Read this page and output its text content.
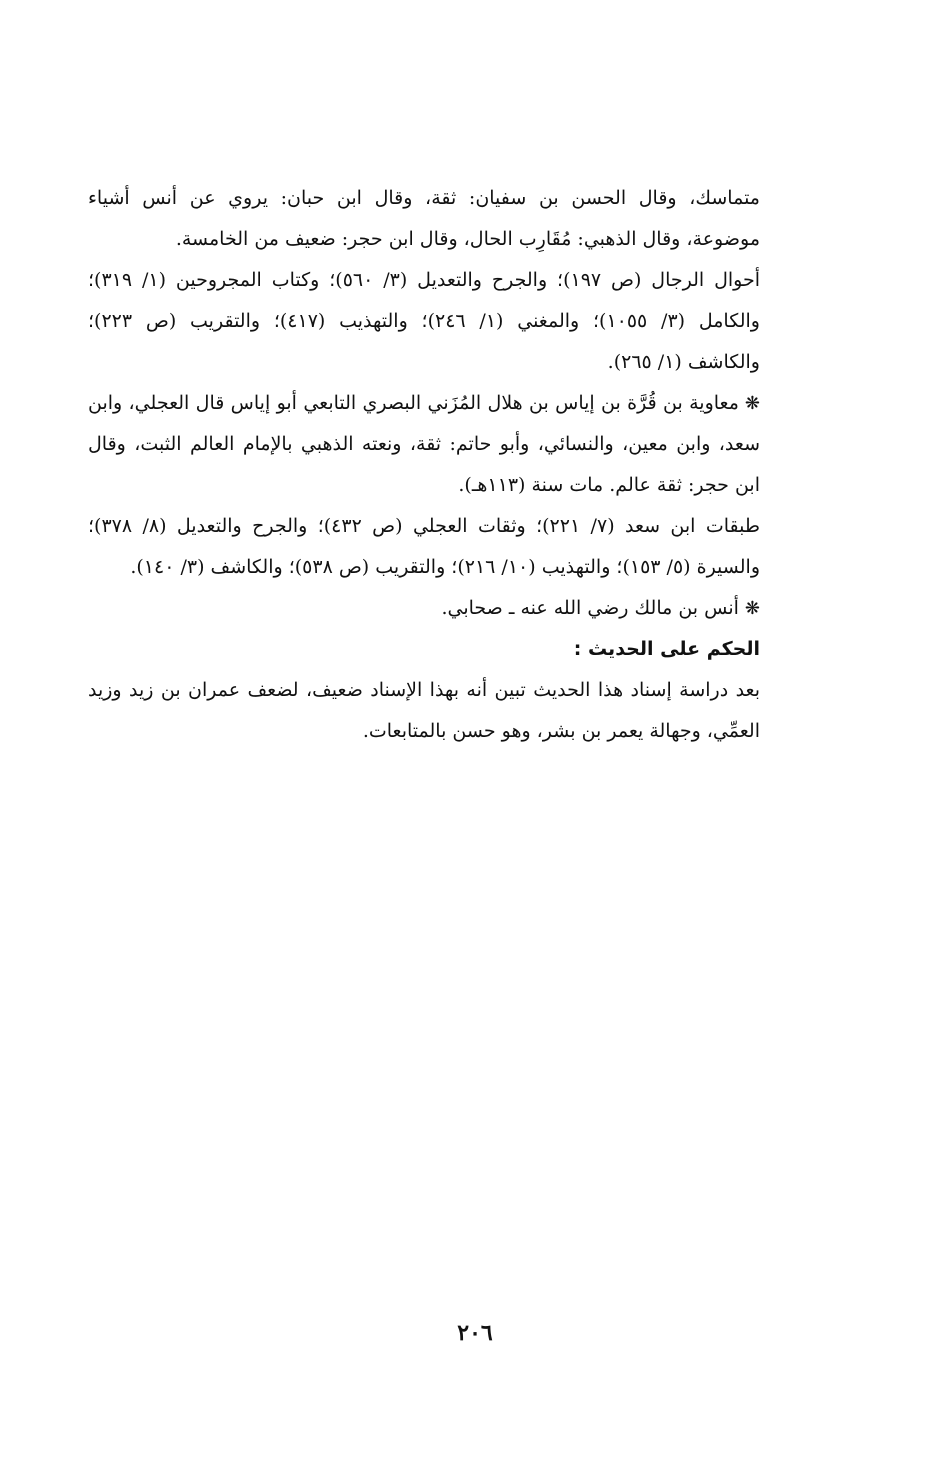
متماسك، وقال الحسن بن سفيان: ثقة، وقال ابن حبان: يروي عن أنس أشياء موضوعة، وقال الذهبي: مُقَارِب الحال، وقال ابن حجر: ضعيف من الخامسة.

أحوال الرجال (ص ١٩٧)؛ والجرح والتعديل (٣/ ٥٦٠)؛ وكتاب المجروحين (١/ ٣١٩)؛ والكامل (٣/ ١٠٥٥)؛ والمغني (١/ ٢٤٦)؛ والتهذيب (٤١٧)؛ والتقريب (ص ٢٢٣)؛ والكاشف (١/ ٢٦٥).

❋معاوية بن قُرَّة بن إياس بن هلال المُزَني البصري التابعي أبو إياس قال العجلي، وابن سعد، وابن معين، والنسائي، وأبو حاتم: ثقة، ونعته الذهبي بالإمام العالم الثبت، وقال ابن حجر: ثقة عالم. مات سنة (١١٣هـ).

طبقات ابن سعد (٧/ ٢٢١)؛ وثقات العجلي (ص ٤٣٢)؛ والجرح والتعديل (٨/ ٣٧٨)؛ والسيرة (٥/ ١٥٣)؛ والتهذيب (١٠/ ٢١٦)؛ والتقريب (ص ٥٣٨)؛ والكاشف (٣/ ١٤٠).

❋أنس بن مالك رضي الله عنه ـ صحابي.

الحكم على الحديث :

بعد دراسة إسناد هذا الحديث تبين أنه بهذا الإسناد ضعيف، لضعف عمران بن زيد وزيد العمِّي، وجهالة يعمر بن بشر، وهو حسن بالمتابعات.

٢٠٦
